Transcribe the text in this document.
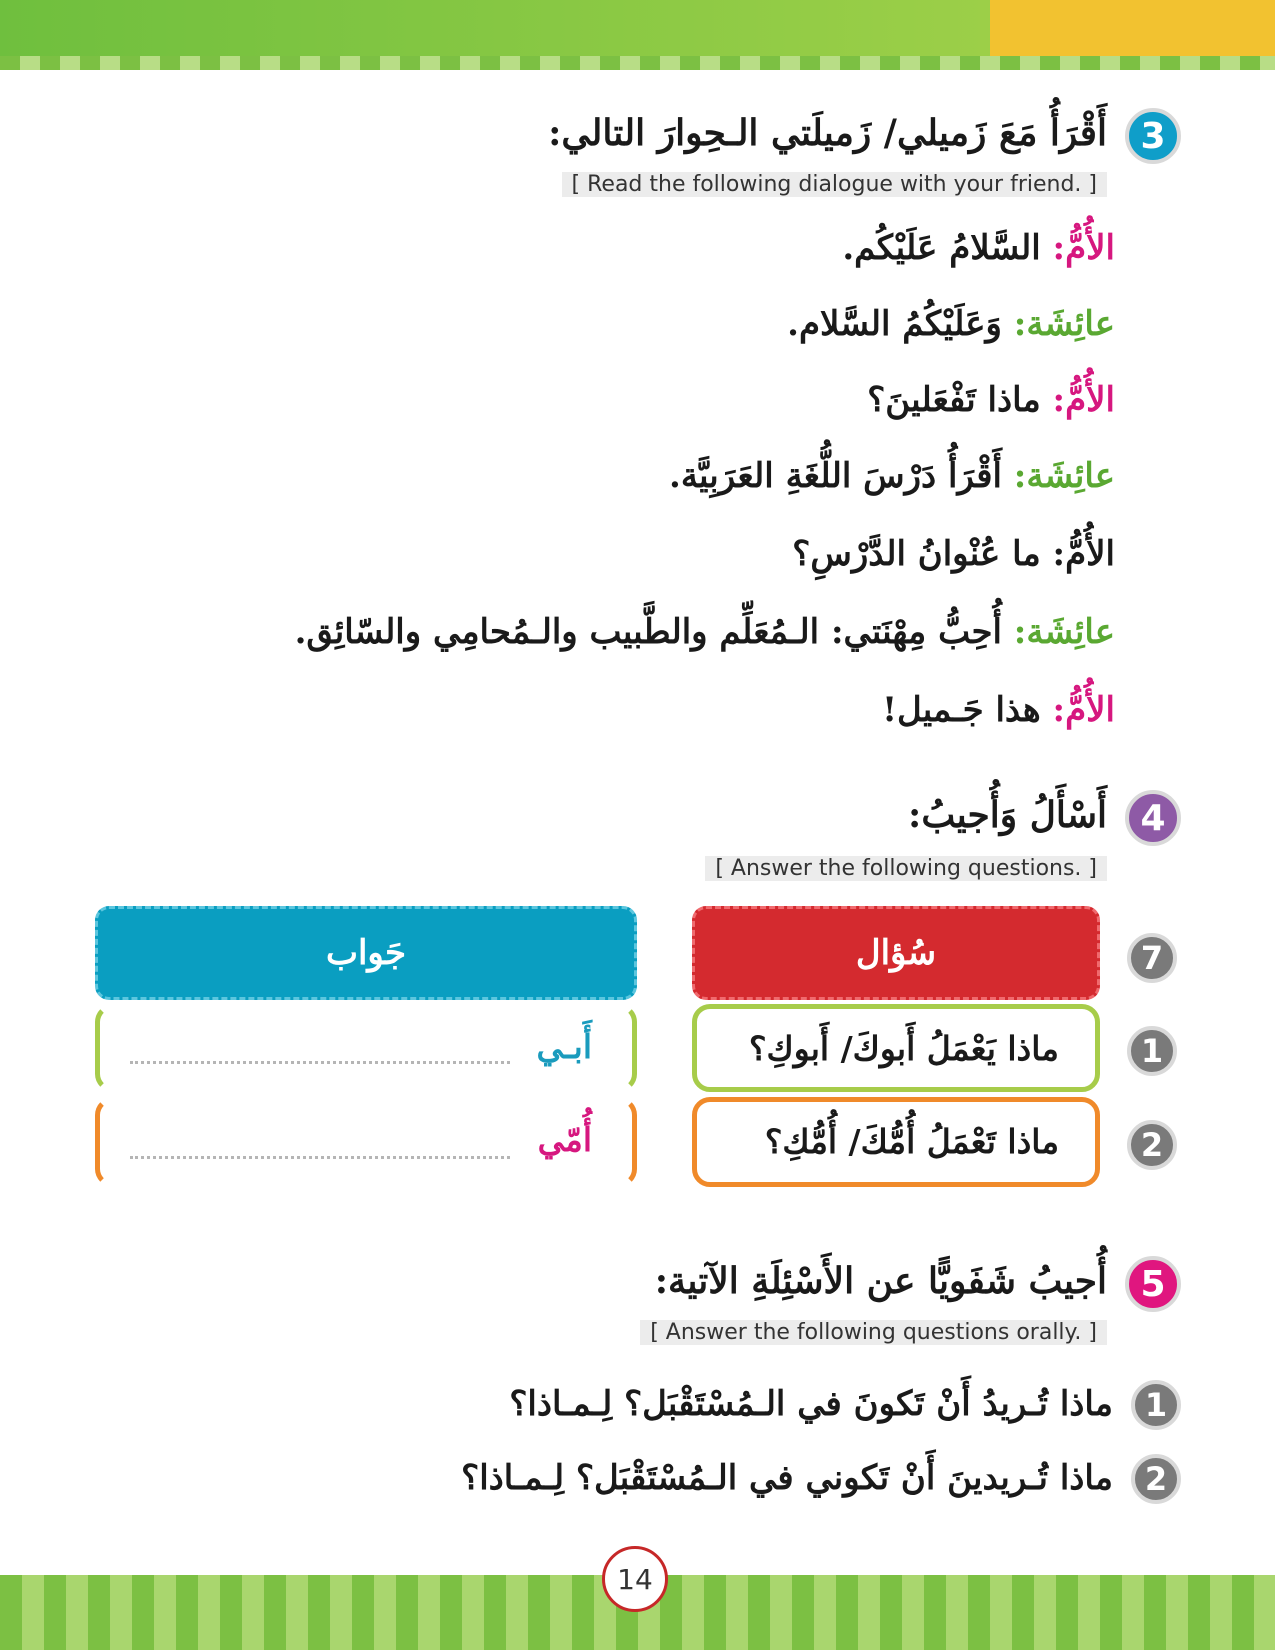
3
أَقْرَأُ مَعَ زَميلي/ زَميلَتي الـحِوارَ التالي:
[ Read the following dialogue with your friend. ]
الأُمُّ: السَّلامُ عَلَيْكُم.
عائِشَة: وَعَلَيْكُمُ السَّلام.
الأُمُّ: ماذا تَفْعَلينَ؟
عائِشَة: أَقْرَأُ دَرْسَ اللُّغَةِ العَرَبِيَّة.
الأُمُّ: ما عُنْوانُ الدَّرْسِ؟
عائِشَة: أُحِبُّ مِهْنَتي: الـمُعَلِّم والطَّبيب والـمُحامِي والسّائِق.
الأُمُّ: هذا جَـميل!
4
أَسْأَلُ وَأُجيبُ:
[ Answer the following questions. ]
7
سُؤال
جَواب
1
ماذا يَعْمَلُ أَبوكَ/ أَبوكِ؟
أَبـي
2
ماذا تَعْمَلُ أُمُّكَ/ أُمُّكِ؟
أُمّي
5
أُجيبُ شَفَويًّا عن الأَسْئِلَةِ الآتية:
[ Answer the following questions orally. ]
1
ماذا تُـريدُ أَنْ تَكونَ في الـمُسْتَقْبَل؟ لِـمـاذا؟
2
ماذا تُـريدينَ أَنْ تَكوني في الـمُسْتَقْبَل؟ لِـمـاذا؟
14
